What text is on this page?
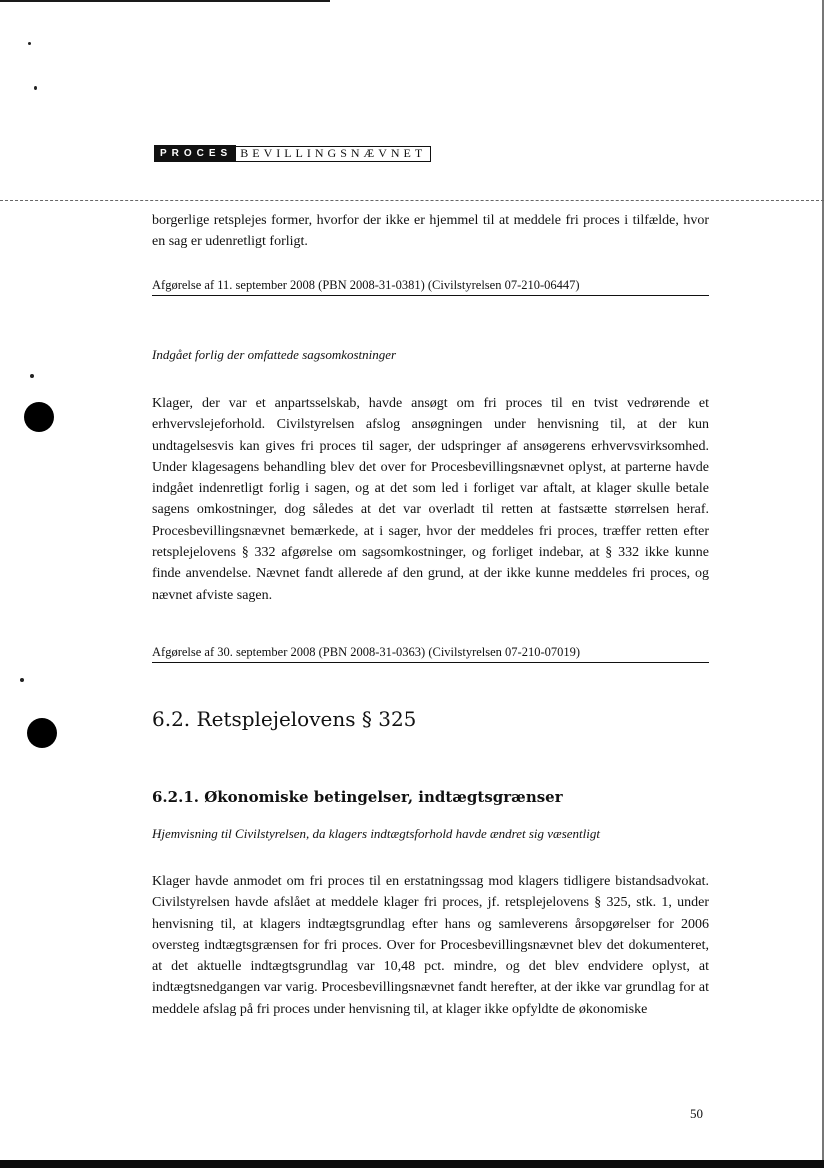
PROCES BEVILLINGSNÆVNET
borgerlige retsplejes former, hvorfor der ikke er hjemmel til at meddele fri proces i tilfælde, hvor en sag er udenretligt forligt.
Afgørelse af 11. september 2008 (PBN 2008-31-0381) (Civilstyrelsen 07-210-06447)
Indgået forlig der omfattede sagsomkostninger
Klager, der var et anpartsselskab, havde ansøgt om fri proces til en tvist vedrørende et erhvervslejeforhold. Civilstyrelsen afslog ansøgningen under henvisning til, at der kun undtagelsesvis kan gives fri proces til sager, der udspringer af ansøgerens erhvervsvirksomhed. Under klagesagens behandling blev det over for Procesbevillingsnævnet oplyst, at parterne havde indgået indenretligt forlig i sagen, og at det som led i forliget var aftalt, at klager skulle betale sagens omkostninger, dog således at det var overladt til retten at fastsætte størrelsen heraf. Procesbevillingsnævnet bemærkede, at i sager, hvor der meddeles fri proces, træffer retten efter retsplejelovens § 332 afgørelse om sagsomkostninger, og forliget indebar, at § 332 ikke kunne finde anvendelse. Nævnet fandt allerede af den grund, at der ikke kunne meddeles fri proces, og nævnet afviste sagen.
Afgørelse af 30. september 2008 (PBN 2008-31-0363) (Civilstyrelsen 07-210-07019)
6.2. Retsplejelovens § 325
6.2.1. Økonomiske betingelser, indtægtsgrænser
Hjemvisning til Civilstyrelsen, da klagers indtægtsforhold havde ændret sig væsentligt
Klager havde anmodet om fri proces til en erstatningssag mod klagers tidligere bistandsadvokat. Civilstyrelsen havde afslået at meddele klager fri proces, jf. retsplejelovens § 325, stk. 1, under henvisning til, at klagers indtægtsgrundlag efter hans og samleverens årsopgørelser for 2006 oversteg indtægtsgrænsen for fri proces. Over for Procesbevillingsnævnet blev det dokumenteret, at det aktuelle indtægtsgrundlag var 10,48 pct. mindre, og det blev endvidere oplyst, at indtægtsnedgangen var varig. Procesbevillingsnævnet fandt herefter, at der ikke var grundlag for at meddele afslag på fri proces under henvisning til, at klager ikke opfyldte de økonomiske
50
